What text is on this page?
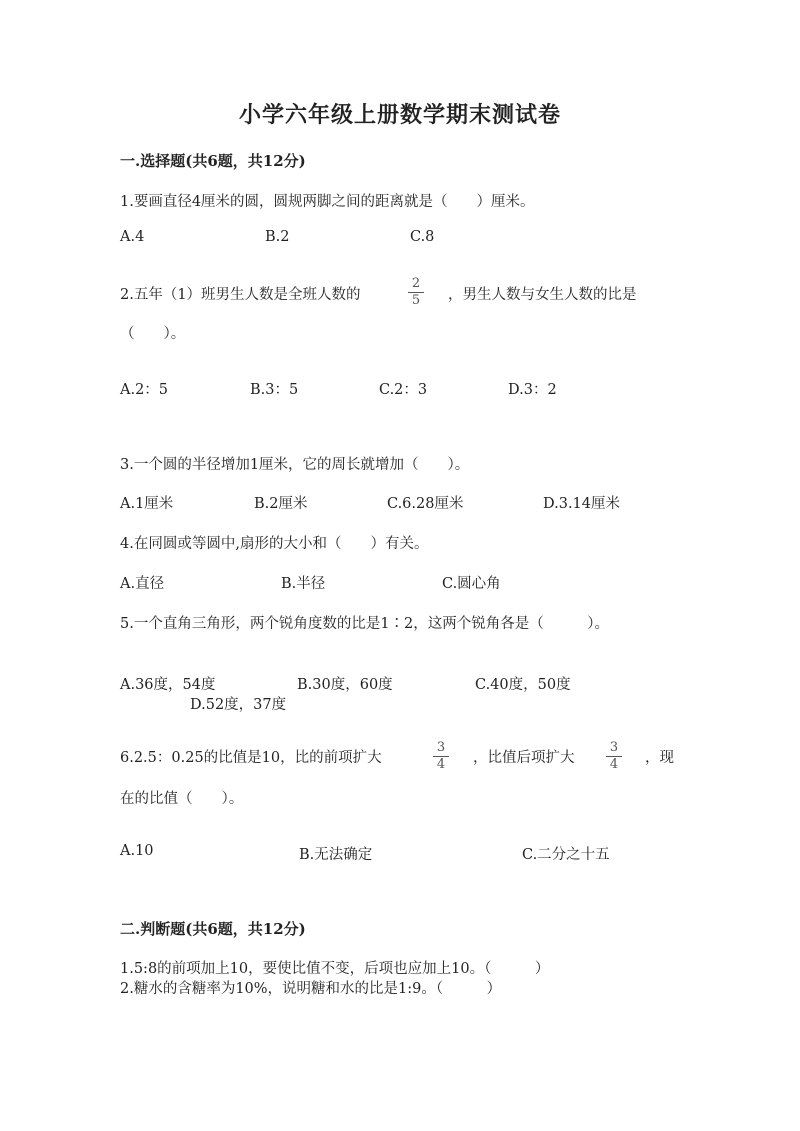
小学六年级上册数学期末测试卷
一.选择题(共6题，共12分)
1.要画直径4厘米的圆，圆规两脚之间的距离就是（　　）厘米。
A.4	B.2	C.8
2.五年（1）班男生人数是全班人数的
2
5 ，男生人数与女生人数的比是
（　　）。
A.2：5	B.3：5	C.2：3	D.3：2
3.一个圆的半径增加1厘米，它的周长就增加（　　）。
A.1厘米	B.2厘米	C.6.28厘米	D.3.14厘米
4.在同圆或等圆中,扇形的大小和（　　）有关。
A.直径	B.半径	C.圆心角
5.一个直角三角形，两个锐角度数的比是1∶2，这两个锐角各是（　　　）。
A.36度，54度	B.30度，60度	C.40度，50度
D.52度，37度
6.2.5：0.25的比值是10，比的前项扩大
3
4 ，比值后项扩大
3
4 ，现
在的比值（　　）。
A.10	B.无法确定	C.二分之十五
二.判断题(共6题，共12分)
1.5:8的前项加上10，要使比值不变，后项也应加上10。（　　　）
2.糖水的含糖率为10%，说明糖和水的比是1:9。（　　　）
